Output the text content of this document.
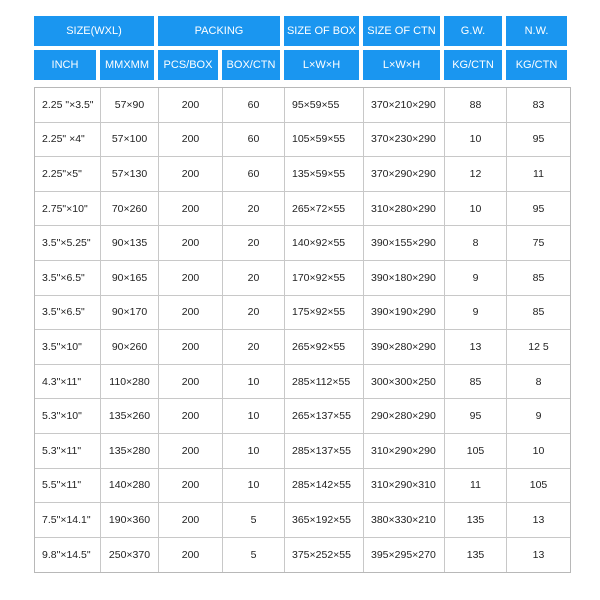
SIZE(WXL)	PACKING	SIZE OF BOX	SIZE OF CTN	G.W.	N.W.
INCH	MMXMM	PCS/BOX	BOX/CTN	L×W×H	L×W×H	KG/CTN	KG/CTN
2.25 "×3.5"	57×90	200	60	95×59×55	370×210×290	88	83
2.25" ×4"	57×100	200	60	105×59×55	370×230×290	10	95
2.25"×5"	57×130	200	60	135×59×55	370×290×290	12	11
2.75"×10"	70×260	200	20	265×72×55	310×280×290	10	95
3.5"×5.25"	90×135	200	20	140×92×55	390×155×290	8	75
3.5"×6.5"	90×165	200	20	170×92×55	390×180×290	9	85
3.5"×6.5"	90×170	200	20	175×92×55	390×190×290	9	85
3.5"×10"	90×260	200	20	265×92×55	390×280×290	13	12 5
4.3"×11"	110×280	200	10	285×112×55	300×300×250	85	8
5.3"×10"	135×260	200	10	265×137×55	290×280×290	95	9
5.3"×11"	135×280	200	10	285×137×55	310×290×290	105	10
5.5"×11"	140×280	200	10	285×142×55	310×290×310	11	105
7.5"×14.1"	190×360	200	5	365×192×55	380×330×210	135	13
9.8"×14.5"	250×370	200	5	375×252×55	395×295×270	135	13
